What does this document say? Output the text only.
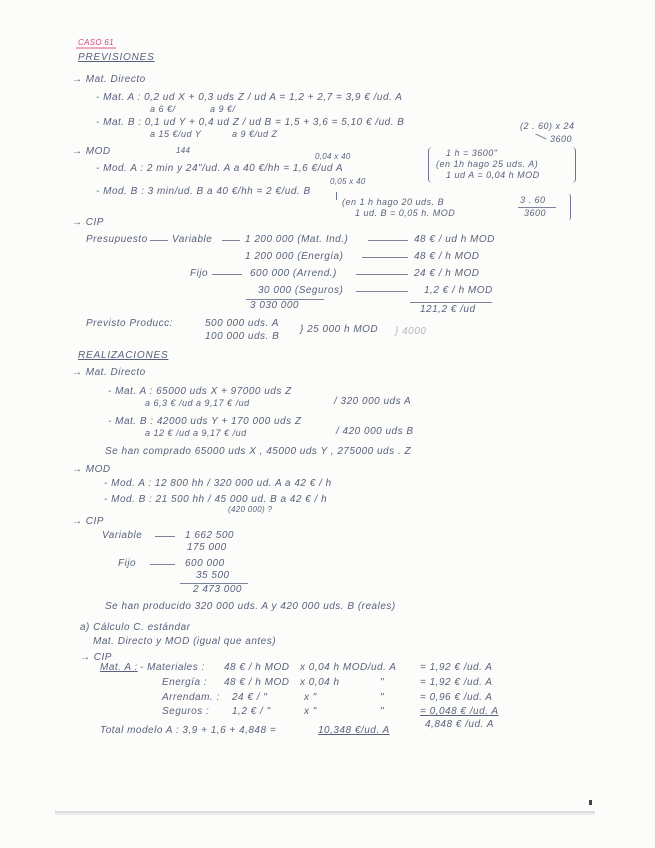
CASO 61
PREVISIONES
→ Mat. Directo
- Mat. A : 0,2 ud X + 0,3 uds Z / ud A = 1,2 + 2,7 = 3,9 € /ud. A
a 6 €/	a 9 €/
- Mat. B : 0,1 ud Y + 0,4 ud Z / ud B = 1,5 + 3,6 = 5,10 € /ud. B
a 15 €/ud Y	a 9 €/ud Z
(2 . 60) x 24
3600
→ MOD	144
0,04 x 40
- Mod. A : 2 min y 24"/ud. A a 40 €/hh = 1,6 €/ud A
1 h = 3600"
(en 1h hago 25 uds. A)
1 ud A = 0,04 h MOD
0,05 x 40
- Mod. B : 3 min/ud. B a 40 €/hh = 2 €/ud. B
(en 1 h hago 20 uds. B
1 ud. B = 0,05 h. MOD
3 . 60
3600
→ CIP
Presupuesto Variable	1 200 000 (Mat. Ind.)	48 € / ud h MOD
1 200 000 (Energía)	48 € / h MOD
Fijo	600 000 (Arrend.)	24 € / h MOD
30 000 (Seguros)	1,2 € / h MOD
3 030 000	121,2 € /ud
Previsto Producc:	500 000 uds. A
100 000 uds. B
} 25 000 h MOD } 4000
REALIZACIONES
→ Mat. Directo
- Mat. A : 65000 uds X + 97000 uds Z
a 6,3 € /ud a 9,17 € /ud	/ 320 000 uds A
- Mat. B : 42000 uds Y + 170 000 uds Z
a 12 € /ud a 9,17 € /ud	/ 420 000 uds B
Se han comprado 65000 uds X , 45000 uds Y , 275000 uds . Z
→ MOD
- Mod. A : 12 800 hh / 320 000 ud. A a 42 € / h
- Mod. B : 21 500 hh / 45 000 ud. B a 42 € / h
(420 000) ?
→ CIP
Variable	1 662 500
175 000
Fijo	600 000
35 500
2 473 000
Se han producido 320 000 uds. A y 420 000 uds. B (reales)
a) Cálculo C. estándar
Mat. Directo y MOD (igual que antes)
→ CIP
Mat. A : - Materiales : 48 € / h MOD x 0,04 h MOD/ud. A = 1,92 € /ud. A
Energía : 48 € / h MOD x 0,04 h	"	= 1,92 € /ud. A
Arrendam. : 24 € / "	x "	"	= 0,96 € /ud. A
Seguros : 1,2 € / "	x "	"	= 0,048 € /ud. A
4,848 € /ud. A
Total modelo A : 3,9 + 1,6 + 4,848 =	10,348 €/ud. A
